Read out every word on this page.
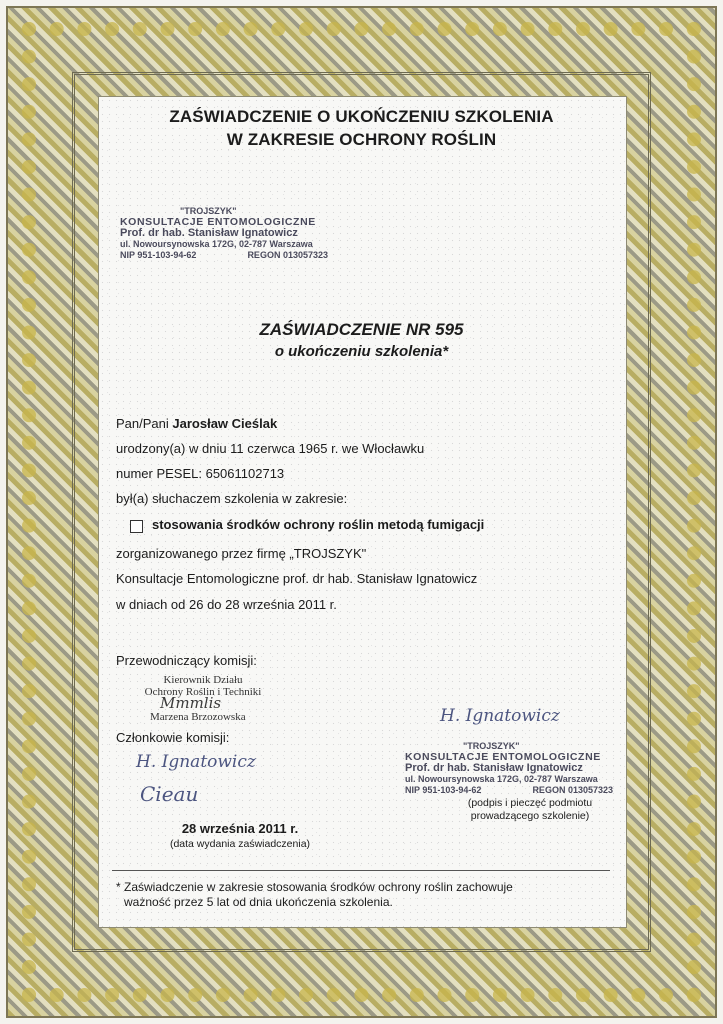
ZAŚWIADCZENIE O UKOŃCZENIU SZKOLENIA
W ZAKRESIE OCHRONY ROŚLIN
"TROJSZYK"
KONSULTACJE ENTOMOLOGICZNE
Prof. dr hab. Stanisław Ignatowicz
ul. Nowoursynowska 172G, 02-787 Warszawa
NIP 951-103-94-62	REGON 013057323
ZAŚWIADCZENIE NR 595
o ukończeniu szkolenia*
Pan/Pani Jarosław Cieślak
urodzony(a) w dniu 11 czerwca 1965 r. we Włocławku
numer PESEL: 65061102713
był(a) słuchaczem szkolenia w zakresie:
stosowania środków ochrony roślin metodą fumigacji
zorganizowanego przez firmę „TROJSZYK"
Konsultacje Entomologiczne prof. dr hab. Stanisław Ignatowicz
w dniach od 26 do 28 września 2011 r.
Przewodniczący komisji:
Kierownik Działu
Ochrony Roślin i Techniki
Mmmlis
Marzena Brzozowska
Członkowie komisji:
H. Ignatowicz
Cieau
H. Ignatowicz
"TROJSZYK"
KONSULTACJE ENTOMOLOGICZNE
Prof. dr hab. Stanisław Ignatowicz
ul. Nowoursynowska 172G, 02-787 Warszawa
NIP 951-103-94-62	REGON 013057323
(podpis i pieczęć podmiotu
prowadzącego szkolenie)
28 września 2011 r.
(data wydania zaświadczenia)
* Zaświadczenie w zakresie stosowania środków ochrony roślin zachowuje
ważność przez 5 lat od dnia ukończenia szkolenia.
